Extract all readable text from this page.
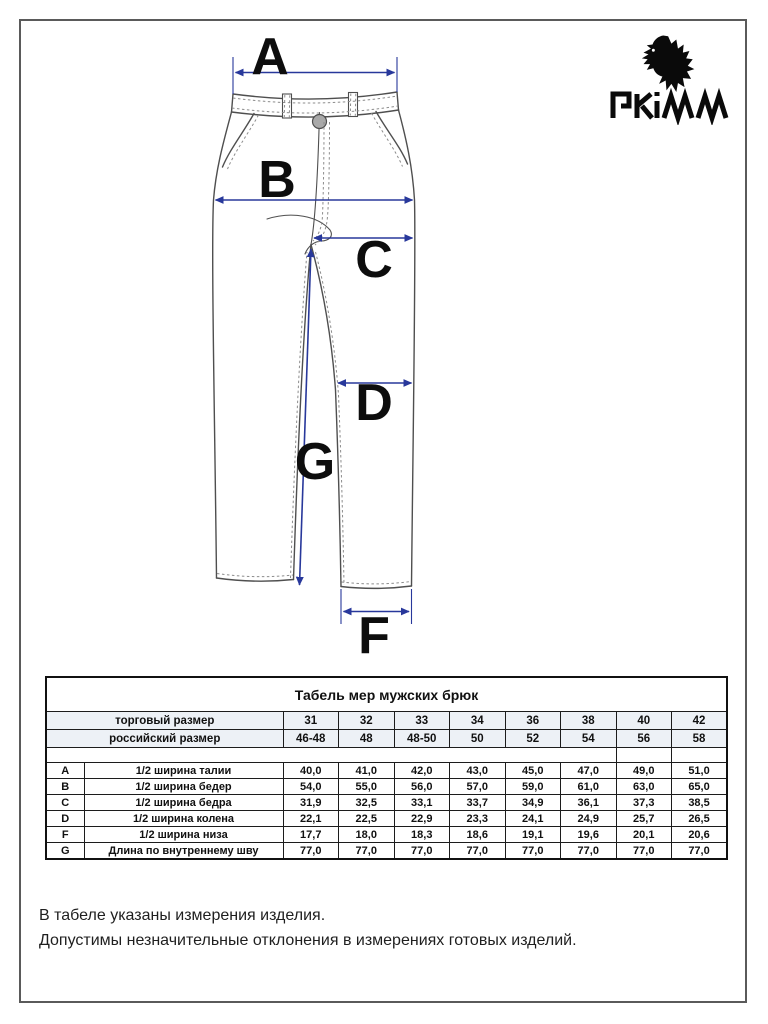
A
B
C
D
G
F
Табель мер мужских брюк									
торговый размер		31	32	33	34	36	38	40	42
российский размер		46-48	48	48-50	50	52	54	56	58

A	1/2 ширина талии	40,0	41,0	42,0	43,0	45,0	47,0	49,0	51,0
B	1/2 ширина бедер	54,0	55,0	56,0	57,0	59,0	61,0	63,0	65,0
C	1/2 ширина бедра	31,9	32,5	33,1	33,7	34,9	36,1	37,3	38,5
D	1/2 ширина колена	22,1	22,5	22,9	23,3	24,1	24,9	25,7	26,5
F	1/2 ширина низа	17,7	18,0	18,3	18,6	19,1	19,6	20,1	20,6
G	Длина по внутреннему шву	77,0	77,0	77,0	77,0	77,0	77,0	77,0	77,0
В табеле указаны измерения изделия.
Допустимы незначительные отклонения в измерениях готовых изделий.
